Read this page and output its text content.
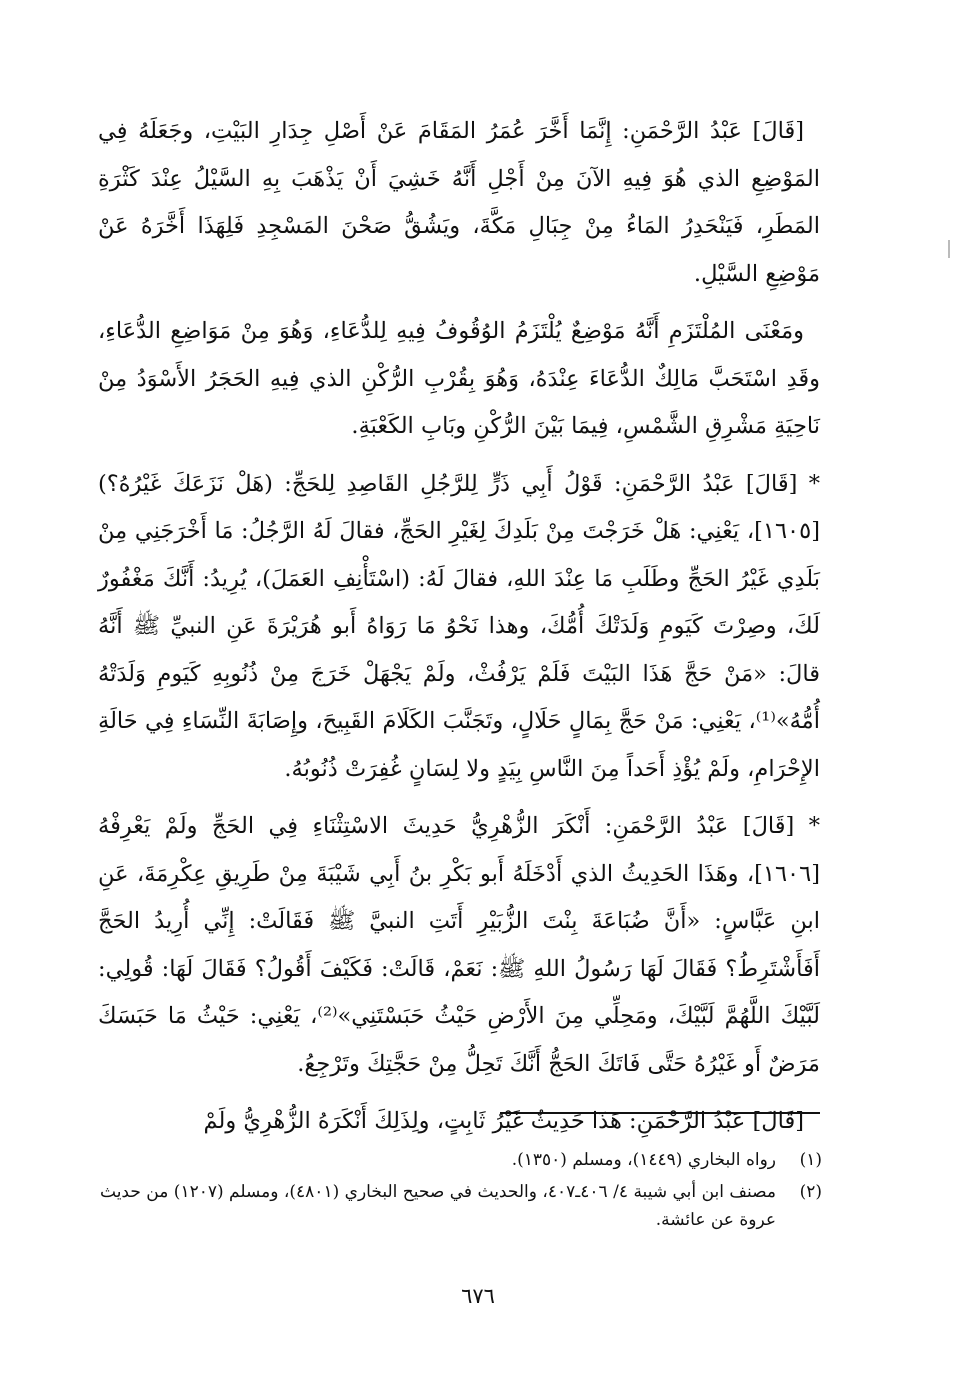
[قَالَ] عَبْدُ الرَّحْمَنِ: إِنَّمَا أَخَّرَ عُمَرُ المَقَامَ عَنْ أَصْلِ جِدَارِ البَيْتِ، وجَعَلَهُ فِي المَوْضِعِ الذي هُوَ فِيهِ الآنَ مِنْ أَجْلِ أَنَّهُ خَشِيَ أَنْ يَذْهَبَ بِهِ السَّيْلُ عِنْدَ كَثْرَةِ المَطَرِ، فَيَنْحَدِرُ المَاءُ مِنْ جِبَالِ مَكَّةَ، ويَشُقُّ صَحْنَ المَسْجِدِ فَلِهَذَا أَخَّرَهُ عَنْ مَوْضِعِ السَّيْلِ.

ومَعْنَى المُلْتَزَمِ أَنَّهُ مَوْضِعٌ يُلْتَزَمُ الوُقُوفُ فِيهِ لِلدُّعَاءِ، وَهُوَ مِنْ مَوَاضِعِ الدُّعَاءِ، وقَدِ اسْتَحَبَّ مَالِكٌ الدُّعَاءَ عِنْدَهُ، وَهُوَ بِقُرْبِ الرُّكْنِ الذي فِيهِ الحَجَرُ الأَسْوَدُ مِنْ نَاحِيَةِ مَشْرِقِ الشَّمْسِ، فِيمَا بَيْنَ الرُّكْنِ وبَابِ الكَعْبَةِ.

* [قَالَ] عَبْدُ الرَّحْمَنِ: قَوْلُ أَبِي ذَرٍّ لِلرَّجُلِ القَاصِدِ لِلحَجِّ: (هَلْ نَزَعَكَ غَيْرُهُ؟)[١٦٠٥]، يَعْنِي: هَلْ خَرَجْتَ مِنْ بَلَدِكَ لِغَيْرِ الحَجِّ، فقالَ لَهُ الرَّجُلُ: مَا أَخْرَجَنِي مِنْ بَلَدِي غَيْرُ الحَجِّ وطَلَبِ مَا عِنْدَ اللهِ، فقالَ لَهُ: (اسْتَأْنِفِ العَمَلَ)، يُرِيدُ: أَنَّكَ مَغْفُورٌ لَكَ، وصِرْتَ كَيَومِ وَلَدَتْكَ أُمُّكَ، وهذا نَحْوُ مَا رَوَاهُ أَبو هُرَيْرَةَ عَنِ النبيِّ ﷺ أَنَّهُ قالَ: «مَنْ حَجَّ هَذَا البَيْتَ فَلَمْ يَرْفُثْ، ولَمْ يَجْهَلْ خَرَجَ مِنْ ذُنُوبِهِ كَيَومِ وَلَدَتْهُ أُمُّهُ»⁽¹⁾، يَعْنِي: مَنْ حَجَّ بِمَالٍ حَلَالٍ، وتَجَنَّبَ الكَلَامَ القَبِيحَ، وإِصَابَةَ النِّسَاءِ فِي حَالَةِ الإِحْرَامِ، ولَمْ يُؤْذِ أَحَداً مِنَ النَّاسِ بِيَدٍ ولا لِسَانٍ غُفِرَتْ ذُنُوبُهُ.

* [قَالَ] عَبْدُ الرَّحْمَنِ: أَنْكَرَ الزُّهْرِيُّ حَدِيثَ الاسْتِثْنَاءِ فِي الحَجِّ ولَمْ يَعْرِفْهُ [١٦٠٦]، وهَذَا الحَدِيثُ الذي أَدْخَلَهُ أَبو بَكْرِ بنُ أَبِي شَيْبَةَ مِنْ طَرِيقِ عِكْرِمَةَ، عَنِ ابنِ عَبَّاسٍ: «أَنَّ ضُبَاعَةَ بِنْتَ الزُّبَيْرِ أَتَتِ النبيَّ ﷺ فَقَالَتْ: إِنِّي أُرِيدُ الحَجَّ أَفَأَشْتَرِطُ؟ فَقَالَ لَهَا رَسُولُ اللهِ ﷺ: نَعَمْ، قَالَتْ: فَكَيْفَ أَقُولُ؟ فَقَالَ لَهَا: قُولِي: لَبَّيْكَ اللَّهُمَّ لَبَّيْكَ، ومَحِلِّي مِنَ الأَرْضِ حَيْثُ حَبَسْتَنِي»⁽²⁾، يَعْنِي: حَيْثُ مَا حَبَسَكَ مَرَضٌ أَو غَيْرُهُ حَتَّى فَاتَكَ الحَجُّ أَنَّكَ تَحِلُّ مِنْ حَجَّتِكَ وتَرْجِعُ.

[قَالَ] عَبْدُ الرَّحْمَنِ: هَذَا حَدِيثٌ غَيْرُ ثَابِتٍ، ولِذَلِكَ أَنْكَرَهُ الزُّهْرِيُّ ولَمْ

(١)
رواه البخاري (١٤٤٩)، ومسلم (١٣٥٠).
(٢)
مصنف ابن أبي شيبة ٤/ ٤٠٦ـ٤٠٧، والحديث في صحيح البخاري (٤٨٠١)، ومسلم (١٢٠٧) من حديث عروة عن عائشة.
٦٧٦
